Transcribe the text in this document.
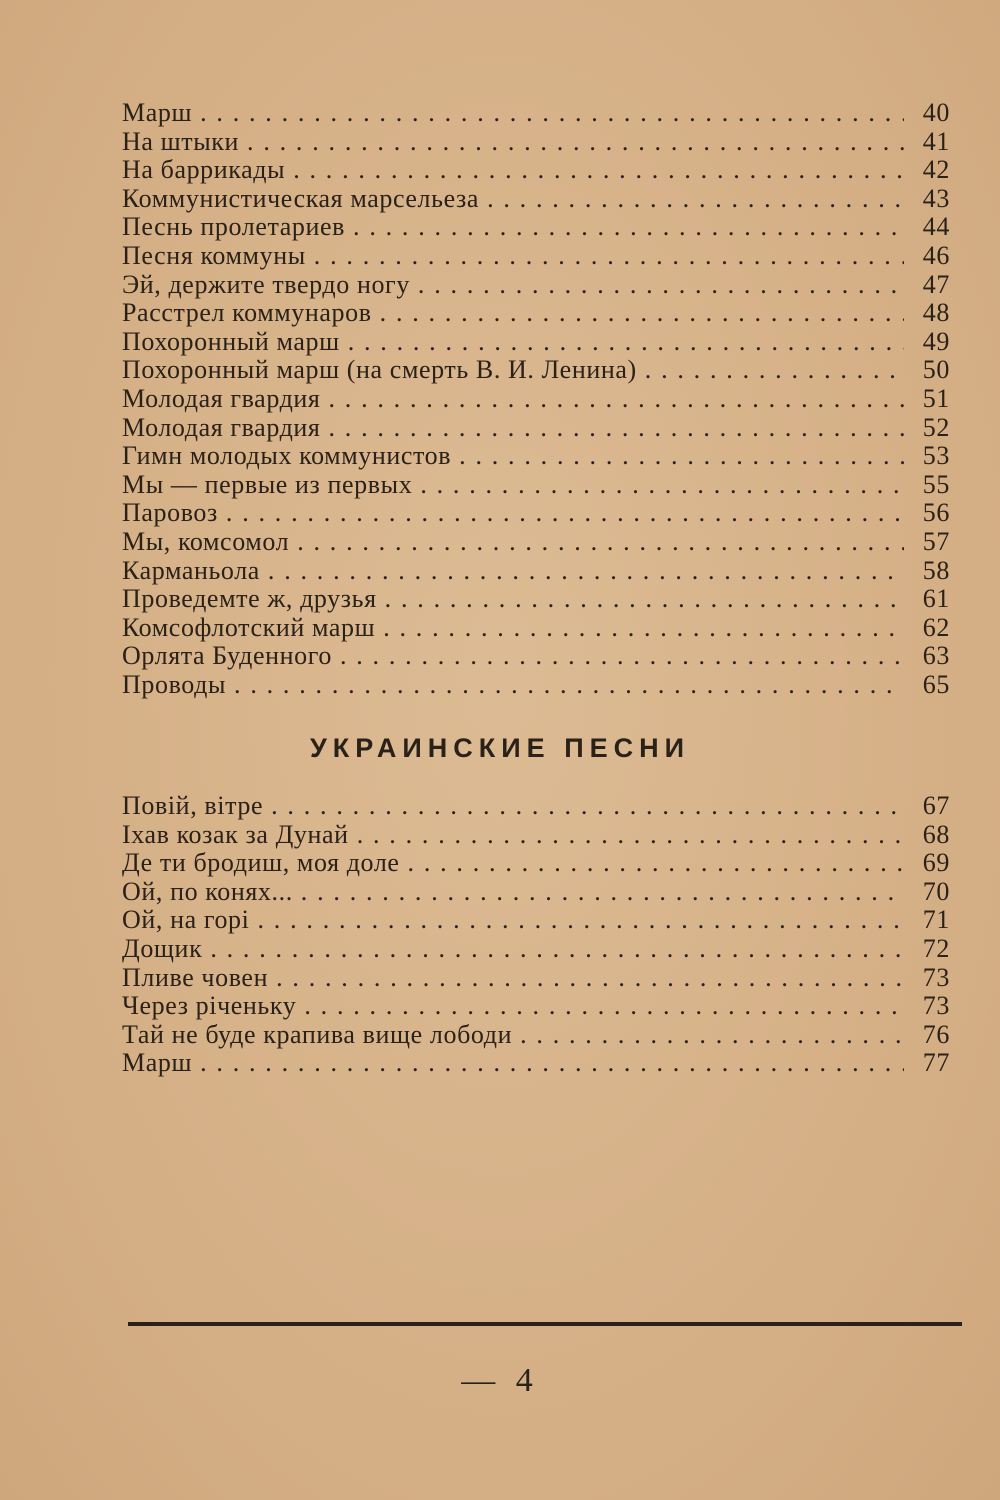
Марш . . .	40
На штыки . . .	41
На баррикады . . .	42
Коммунистическая марсельеза . . .	43
Песнь пролетариев . . .	44
Песня коммуны . . .	46
Эй, держите твердо ногу . . .	47
Расстрел коммунаров . . .	48
Похоронный марш . . .	49
Похоронный марш (на смерть В. И. Ленина) . . .	50
Молодая гвардия . . .	51
Молодая гвардия . . .	52
Гимн молодых коммунистов . . .	53
Мы — первые из первых . . .	55
Паровоз . . .	56
Мы, комсомол . . .	57
Карманьола . . .	58
Проведемте ж, друзья . . .	61
Комсофлотский марш . . .	62
Орлята Буденного . . .	63
Проводы . . .	65
УКРАИНСКИЕ ПЕСНИ
Повій, вітре . . .	67
Іхав козак за Дунай . . .	68
Де ти бродиш, моя доле . . .	69
Ой, по конях... . . .	70
Ой, на горі . . .	71
Дощик . . .	72
Пливе човен . . .	73
Через річеньку . . .	73
Тай не буде крапива вище лободи . . .	76
Марш . . .	77
— 4
